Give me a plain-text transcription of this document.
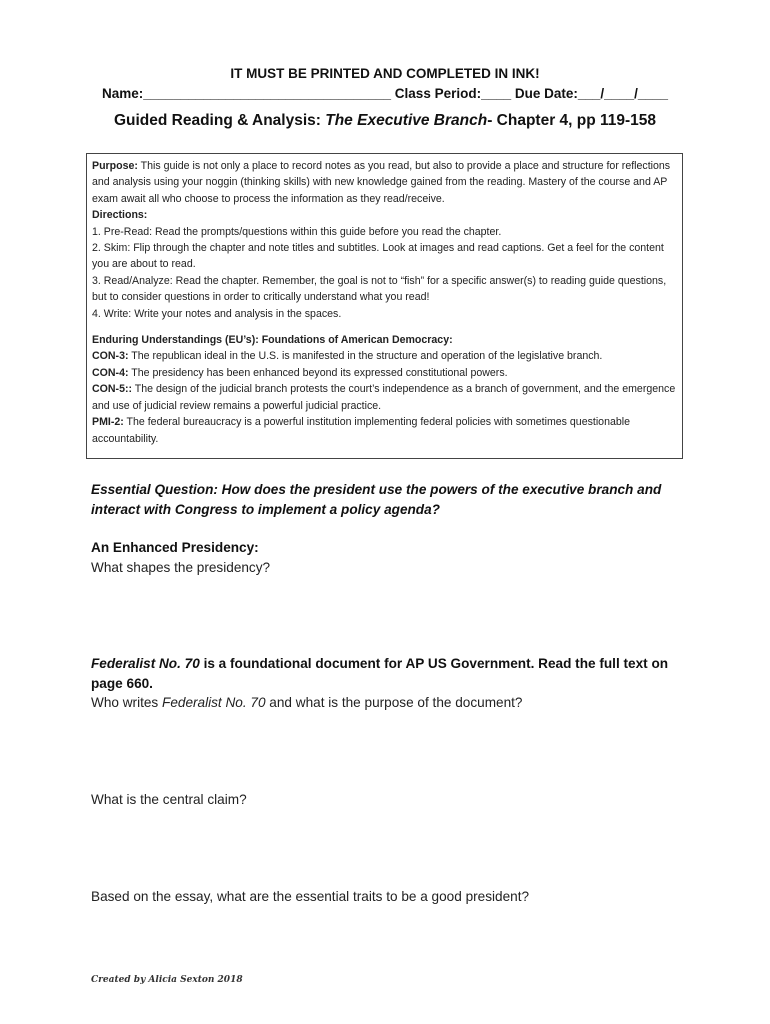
IT MUST BE PRINTED AND COMPLETED IN INK!
Name:_________________________________ Class Period:____ Due Date:___/____/____
Guided Reading & Analysis: The Executive Branch- Chapter 4, pp 119-158

Purpose: This guide is not only a place to record notes as you read, but also to provide a place and structure for reflections and analysis using your noggin (thinking skills) with new knowledge gained from the reading. Mastery of the course and AP exam await all who choose to process the information as they read/receive.

Directions:

1. Pre-Read: Read the prompts/questions within this guide before you read the chapter.

2. Skim: Flip through the chapter and note titles and subtitles. Look at images and read captions. Get a feel for the content you are about to read.

3. Read/Analyze: Read the chapter. Remember, the goal is not to “fish” for a specific answer(s) to reading guide questions, but to consider questions in order to critically understand what you read!

4. Write: Write your notes and analysis in the spaces.

Enduring Understandings (EU’s): Foundations of American Democracy:

CON-3: The republican ideal in the U.S. is manifested in the structure and operation of the legislative branch.

CON-4: The presidency has been enhanced beyond its expressed constitutional powers.

CON-5:: The design of the judicial branch protests the court’s independence as a branch of government, and the emergence and use of judicial review remains a powerful judicial practice.

PMI-2: The federal bureaucracy is a powerful institution implementing federal policies with sometimes questionable accountability.

Essential Question: How does the president use the powers of the executive branch and interact with Congress to implement a policy agenda?
An Enhanced Presidency:
What shapes the presidency?
Federalist No. 70 is a foundational document for AP US Government. Read the full text on page 660.
Who writes Federalist No. 70 and what is the purpose of the document?
What is the central claim?
Based on the essay, what are the essential traits to be a good president?
Created by Alicia Sexton 2018
